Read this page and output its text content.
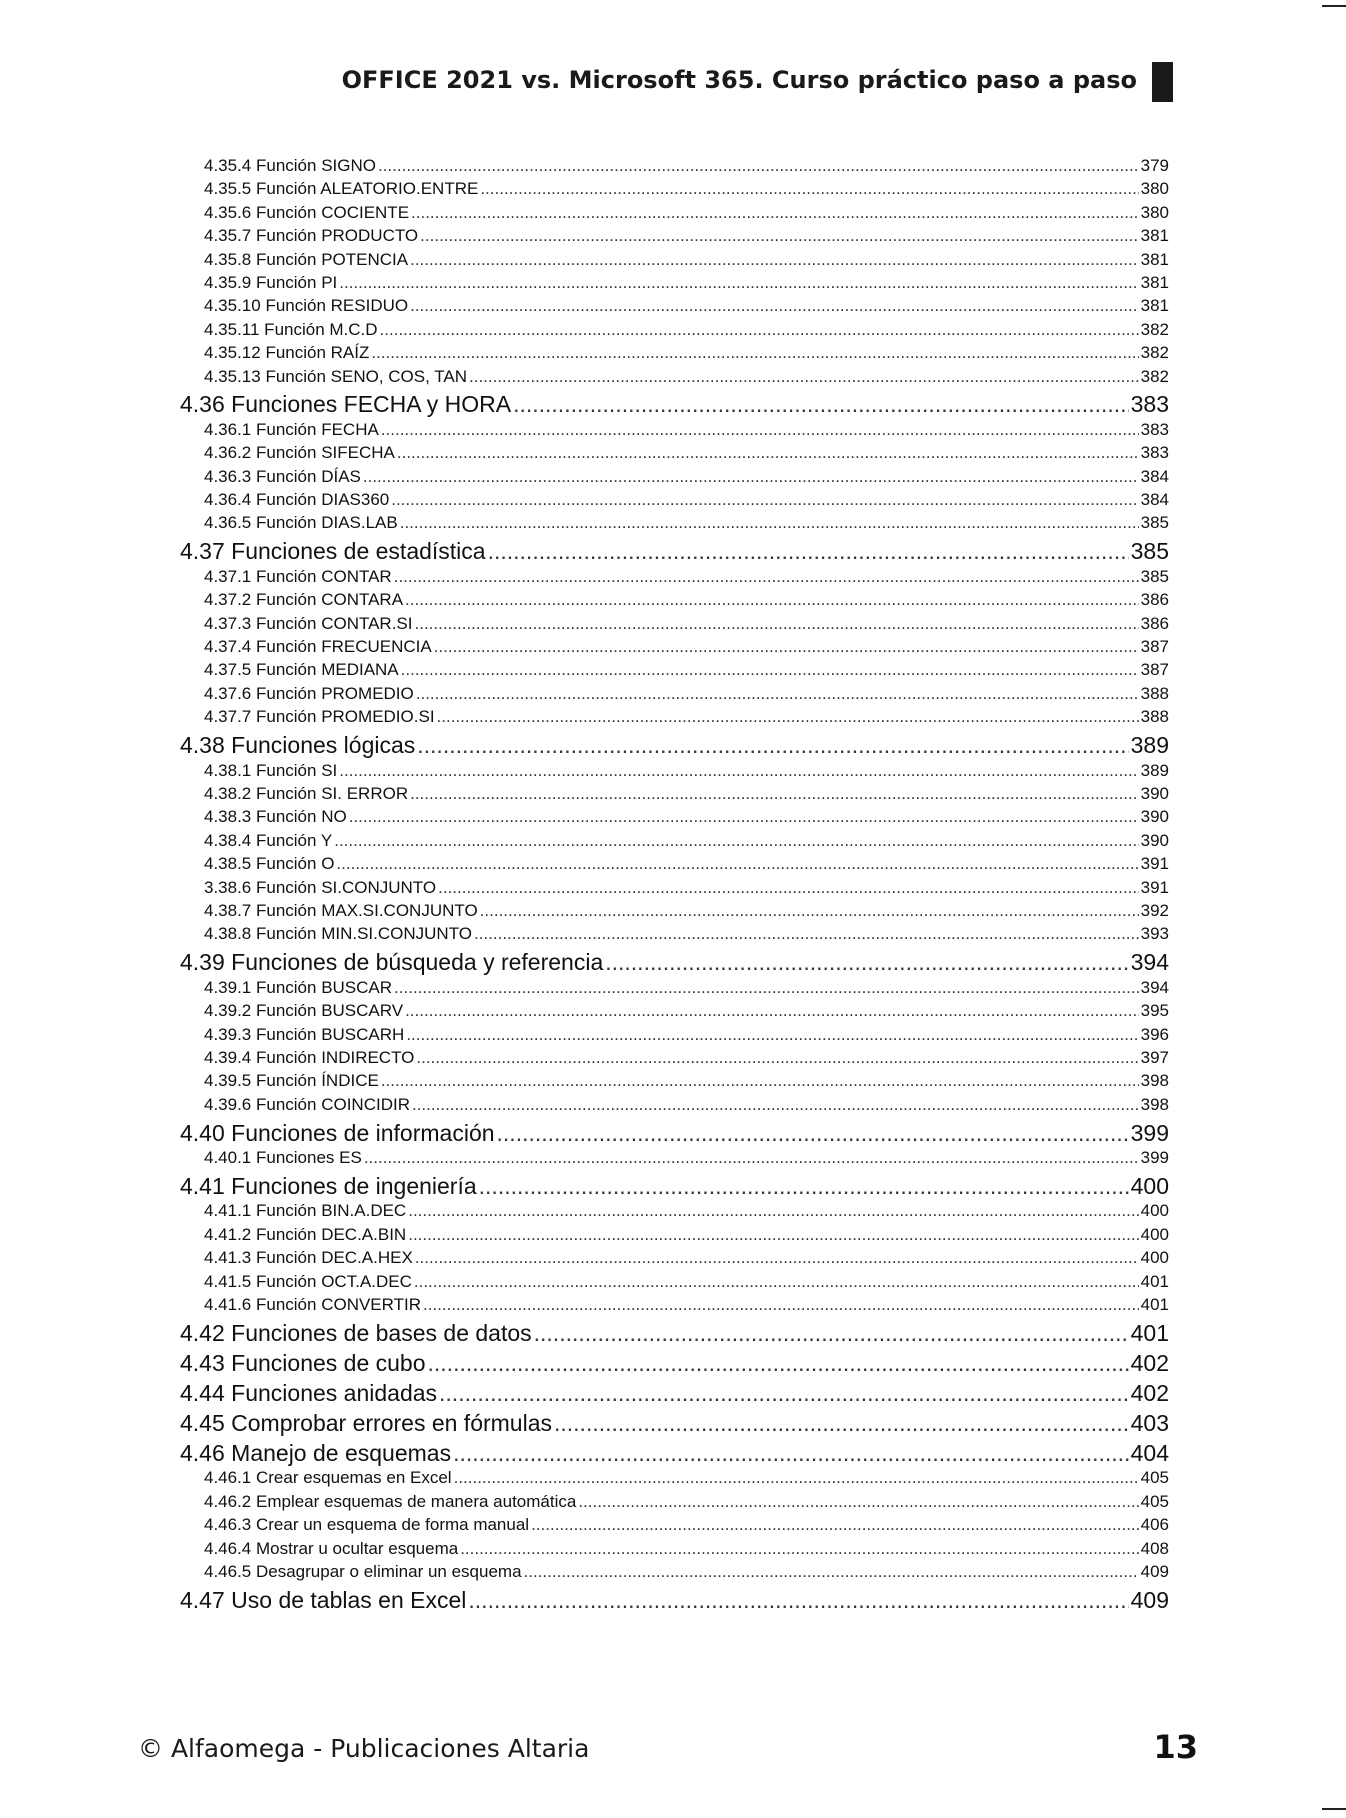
OFFICE 2021 vs. Microsoft 365. Curso práctico paso a paso
4.35.4 Función SIGNO .....	379
4.35.5 Función ALEATORIO.ENTRE .....	380
4.35.6 Función COCIENTE .....	380
4.35.7 Función PRODUCTO .....	381
4.35.8 Función POTENCIA .....	381
4.35.9 Función PI .....	381
4.35.10 Función RESIDUO .....	381
4.35.11 Función M.C.D .....	382
4.35.12 Función RAÍZ .....	382
4.35.13 Función SENO, COS, TAN .....	382
4.36 Funciones FECHA y HORA .....	383
4.36.1 Función FECHA .....	383
4.36.2 Función SIFECHA .....	383
4.36.3 Función DÍAS .....	384
4.36.4 Función DIAS360 .....	384
4.36.5 Función DIAS.LAB .....	385
4.37 Funciones de estadística .....	385
4.37.1 Función CONTAR .....	385
4.37.2 Función CONTARA .....	386
4.37.3 Función CONTAR.SI .....	386
4.37.4 Función FRECUENCIA .....	387
4.37.5 Función MEDIANA .....	387
4.37.6 Función PROMEDIO .....	388
4.37.7 Función PROMEDIO.SI .....	388
4.38 Funciones lógicas .....	389
4.38.1 Función SI .....	389
4.38.2 Función SI. ERROR .....	390
4.38.3 Función NO .....	390
4.38.4 Función Y .....	390
4.38.5 Función O .....	391
3.38.6 Función SI.CONJUNTO .....	391
4.38.7 Función MAX.SI.CONJUNTO .....	392
4.38.8 Función MIN.SI.CONJUNTO .....	393
4.39 Funciones de búsqueda y referencia .....	394
4.39.1 Función BUSCAR .....	394
4.39.2 Función BUSCARV .....	395
4.39.3 Función BUSCARH .....	396
4.39.4 Función INDIRECTO .....	397
4.39.5 Función ÍNDICE .....	398
4.39.6 Función COINCIDIR .....	398
4.40 Funciones de información .....	399
4.40.1 Funciones ES .....	399
4.41 Funciones de ingeniería .....	400
4.41.1 Función BIN.A.DEC .....	400
4.41.2 Función DEC.A.BIN .....	400
4.41.3 Función DEC.A.HEX .....	400
4.41.5 Función OCT.A.DEC .....	401
4.41.6 Función CONVERTIR .....	401
4.42 Funciones de bases de datos .....	401
4.43 Funciones de cubo .....	402
4.44 Funciones anidadas .....	402
4.45 Comprobar errores en fórmulas .....	403
4.46 Manejo de esquemas .....	404
4.46.1 Crear esquemas en Excel .....	405
4.46.2 Emplear esquemas de manera automática .....	405
4.46.3 Crear un esquema de forma manual .....	406
4.46.4 Mostrar u ocultar esquema .....	408
4.46.5 Desagrupar o eliminar un esquema .....	409
4.47 Uso de tablas en Excel .....	409
© Alfaomega - Publicaciones Altaria	13
